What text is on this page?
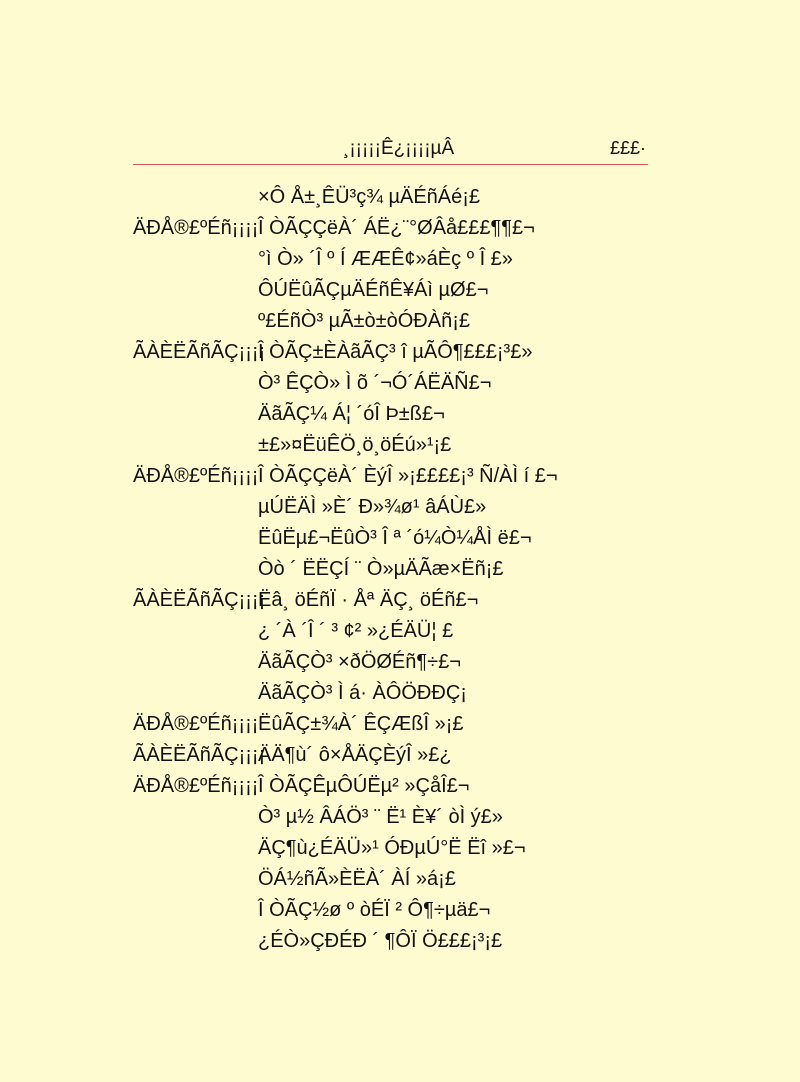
¸¡¡¡¡¡Ê¿¡¡¡¡µÂ	£££·
×Ô Å±¸ÊÜ³ç¾ µÄÉñÁé¡£
ÄÐÅ®£ºÉñ¡¡¡¡ Î ÒÃÇÇëÀ´ ÁË¿¨°ØÂå£££¶¶£¬
°ì Ò» ´Î º Í ÆÆÊ¢»áÈç º Î £»
ÔÚËûÃÇµÄÉñÊ¥Áì µØ£¬
º£ÉñÒ³ µÃ±ò±òÓÐÀñ¡£
ÃÀÈËÃñÃÇ¡¡¡¡
Î ÒÃÇ±ÈÀãÃÇ³ î µÃÔ¶£££¡³£»
Ò³ ÊÇÒ» Ì õ ´¬Ó´ÁËÄÑ£¬
ÄãÃÇ¼ Á¦ ´óÎ Þ±ß£¬
±£»¤ËüÊÖ¸ö¸öÉú»¹¡£
ÄÐÅ®£ºÉñ¡¡¡¡ Î ÒÃÇÇëÀ´ ÈýÎ »¡££££¡³ Ñ/ÀÌ í £¬
µÚËÄÌ »È´ Ð»¾ø¹ âÁÙ£»
ËûËµ£¬ËûÒ³ Î ª ´ó¼Ò¼ÅÌ ë£¬
Òò ´ ËËÇÍ ¨ Ò»µÄÃæ×Ëñ¡£
ÃÀÈËÃñÃÇ¡¡¡¡
Ëâ¸ öÉñÏ · Åª ÄÇ¸ öÉñ£¬
¿ ´À ´Î ´ ³ ¢² »¿ÉÄÜ¦ £
ÄãÃÇÒ³ ×ðÖØÉñ¶÷£¬
ÄãÃÇÒ³ Ì á· ÀÔÖÐÐÇ¡
ÄÐÅ®£ºÉñ¡¡¡¡ ËûÃÇ±¾À´ ÊÇÆßÎ »¡£
ÃÀÈËÃñÃÇ¡¡¡¡
ÄÄ¶ù´ ô×ÅÄÇÈýÎ »£¿
ÄÐÅ®£ºÉñ¡¡¡¡ Î ÒÃÇÊµÔÚËµ² »ÇåÎ£¬
Ò³ µ½ ÂÁÖ³ ¨ Ë¹ È¥´ òÌ ý£»
ÄÇ¶ù¿ÉÄÜ»¹ ÓÐµÚ°Ë Ëî »£¬
ÖÁ½ñÃ»ÈËÀ´ ÀÍ »á¡£
Î ÒÃÇ½ø º òÉÏ ² Ô¶÷µä£¬
¿ÉÒ»ÇÐÉÐ ´ ¶ÔÏ Ö£££¡³¡£
